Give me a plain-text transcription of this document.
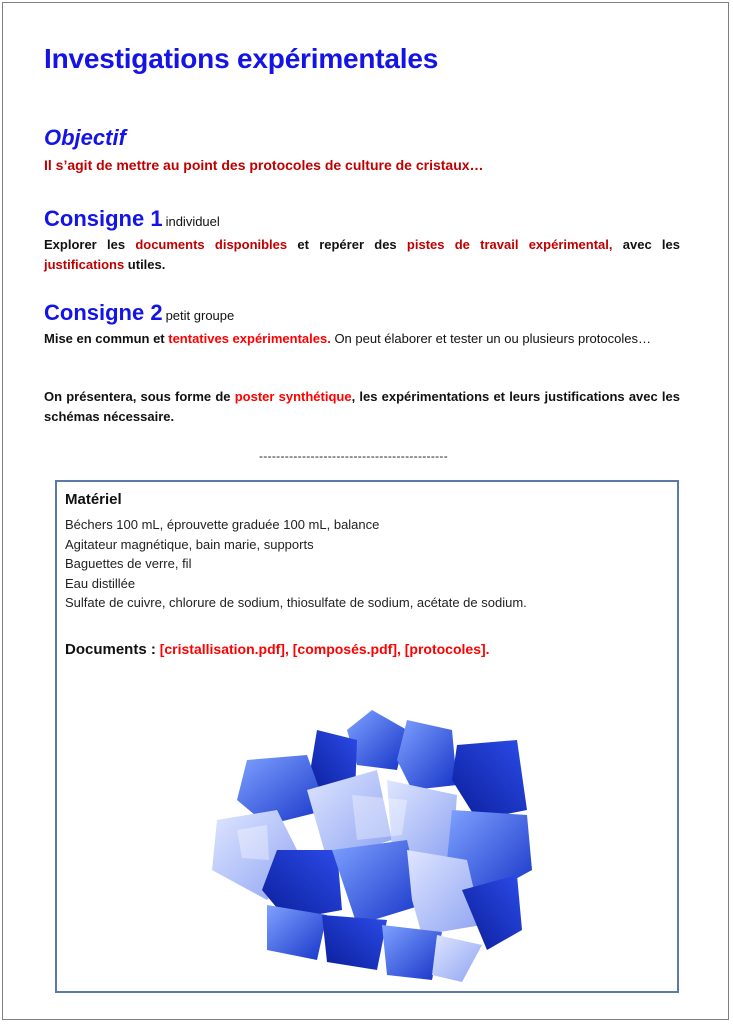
Investigations expérimentales
Objectif

Il s’agit de mettre au point des protocoles de culture de cristaux…

Consigne 1 individuel

Explorer les documents disponibles et repérer des pistes de travail expérimental, avec les justifications utiles.

Consigne 2 petit groupe

Mise en commun et tentatives expérimentales. On peut élaborer et tester un ou plusieurs protocoles…

On présentera, sous forme de poster synthétique, les expérimentations et leurs justifications avec les schémas nécessaire.

--------------------------------------------

Matériel
Béchers 100 mL, éprouvette graduée 100 mL, balance
Agitateur magnétique, bain marie, supports
Baguettes de verre, fil
Eau distillée
Sulfate de cuivre, chlorure de sodium, thiosulfate de sodium, acétate de sodium.

Documents : [cristallisation.pdf], [composés.pdf], [protocoles].
